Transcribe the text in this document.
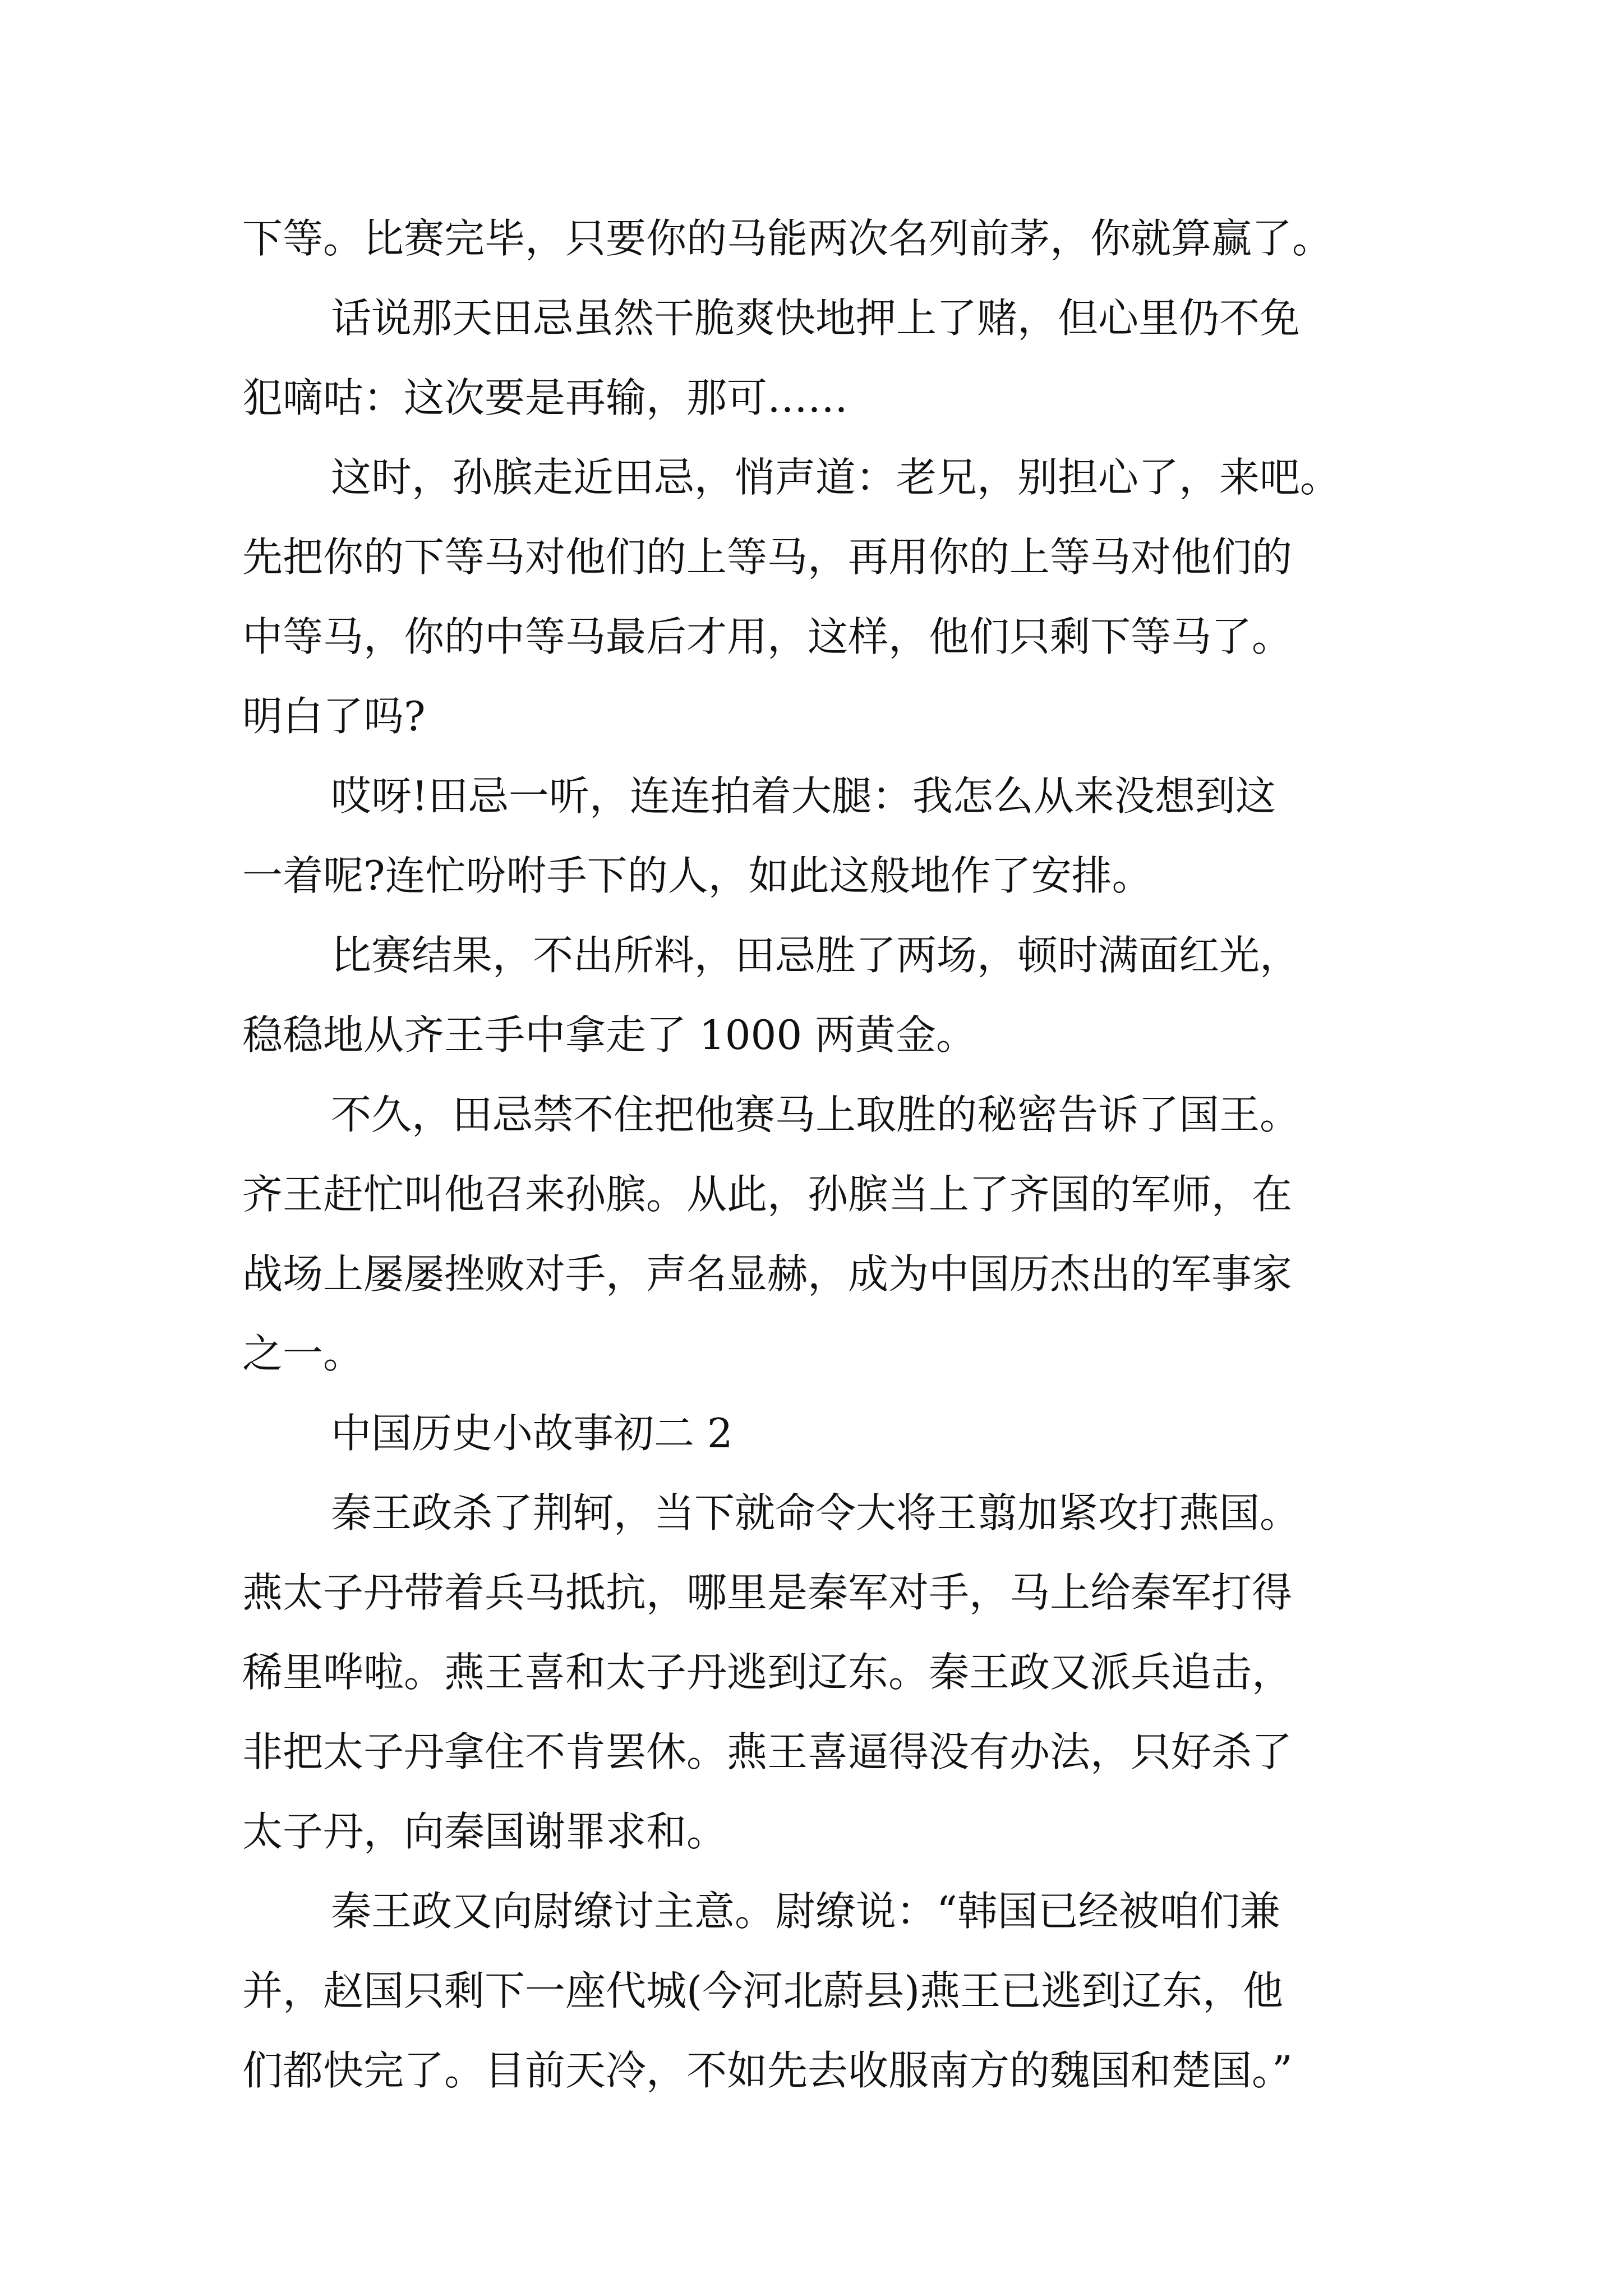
下等。比赛完毕，只要你的马能两次名列前茅，你就算赢了。

话说那天田忌虽然干脆爽快地押上了赌，但心里仍不免

犯嘀咕：这次要是再输，那可……

这时，孙膑走近田忌，悄声道：老兄，别担心了，来吧。

先把你的下等马对他们的上等马，再用你的上等马对他们的

中等马，你的中等马最后才用，这样，他们只剩下等马了。

明白了吗?

哎呀!田忌一听，连连拍着大腿：我怎么从来没想到这

一着呢?连忙吩咐手下的人，如此这般地作了安排。

比赛结果，不出所料，田忌胜了两场，顿时满面红光，

稳稳地从齐王手中拿走了 1000 两黄金。

不久，田忌禁不住把他赛马上取胜的秘密告诉了国王。

齐王赶忙叫他召来孙膑。从此，孙膑当上了齐国的军师，在

战场上屡屡挫败对手，声名显赫，成为中国历杰出的军事家

之一。

中国历史小故事初二 2

秦王政杀了荆轲，当下就命令大将王翦加紧攻打燕国。

燕太子丹带着兵马抵抗，哪里是秦军对手，马上给秦军打得

稀里哗啦。燕王喜和太子丹逃到辽东。秦王政又派兵追击，

非把太子丹拿住不肯罢休。燕王喜逼得没有办法，只好杀了

太子丹，向秦国谢罪求和。

秦王政又向尉缭讨主意。尉缭说：“韩国已经被咱们兼

并，赵国只剩下一座代城(今河北蔚县)燕王已逃到辽东，他

们都快完了。目前天冷，不如先去收服南方的魏国和楚国。”
